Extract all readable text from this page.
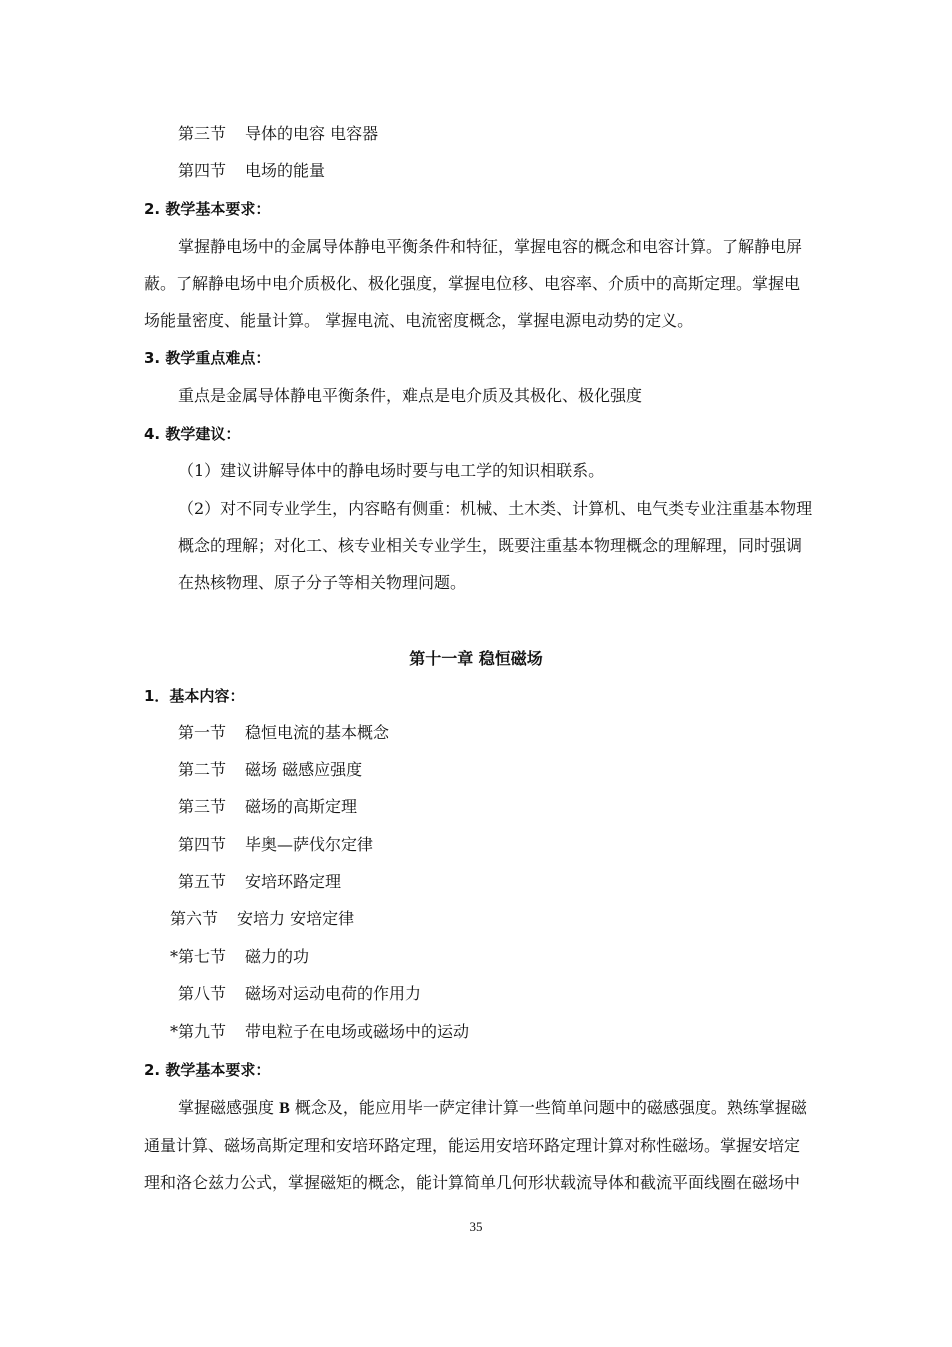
第三节 导体的电容 电容器
第四节 电场的能量
2. 教学基本要求：
掌握静电场中的金属导体静电平衡条件和特征，掌握电容的概念和电容计算。了解静电屏
蔽。了解静电场中电介质极化、极化强度，掌握电位移、电容率、介质中的高斯定理。掌握电
场能量密度、能量计算。 掌握电流、电流密度概念，掌握电源电动势的定义。
3. 教学重点难点：
重点是金属导体静电平衡条件，难点是电介质及其极化、极化强度
4. 教学建议：
（1）建议讲解导体中的静电场时要与电工学的知识相联系。
（2）对不同专业学生，内容略有侧重：机械、土木类、计算机、电气类专业注重基本物理
概念的理解；对化工、核专业相关专业学生，既要注重基本物理概念的理解理，同时强调
在热核物理、原子分子等相关物理问题。
第十一章 稳恒磁场
1．基本内容：
第一节 稳恒电流的基本概念
第二节 磁场 磁感应强度
第三节 磁场的高斯定理
第四节 毕奥—萨伐尔定律
第五节 安培环路定理
第六节 安培力 安培定律
*第七节 磁力的功
第八节 磁场对运动电荷的作用力
*第九节 带电粒子在电场或磁场中的运动
2. 教学基本要求：
掌握磁感强度 B 概念及，能应用毕一萨定律计算一些简单问题中的磁感强度。熟练掌握磁
通量计算、磁场高斯定理和安培环路定理，能运用安培环路定理计算对称性磁场。掌握安培定
理和洛仑兹力公式，掌握磁矩的概念，能计算简单几何形状载流导体和截流平面线圈在磁场中
35
